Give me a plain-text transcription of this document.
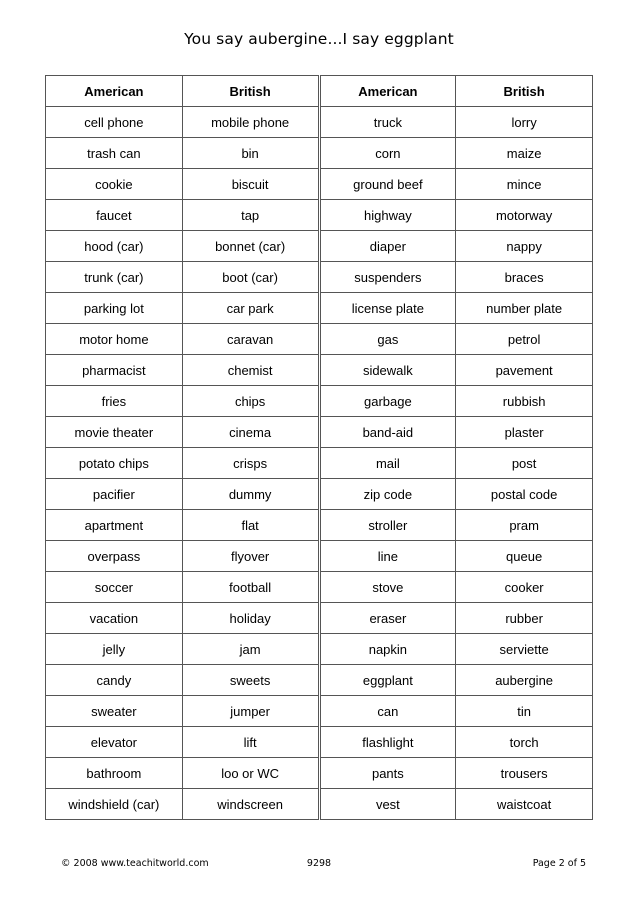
You say aubergine...I say eggplant
American	British	American	British
cell phone	mobile phone	truck	lorry
trash can	bin	corn	maize
cookie	biscuit	ground beef	mince
faucet	tap	highway	motorway
hood (car)	bonnet (car)	diaper	nappy
trunk (car)	boot (car)	suspenders	braces
parking lot	car park	license plate	number plate
motor home	caravan	gas	petrol
pharmacist	chemist	sidewalk	pavement
fries	chips	garbage	rubbish
movie theater	cinema	band-aid	plaster
potato chips	crisps	mail	post
pacifier	dummy	zip code	postal code
apartment	flat	stroller	pram
overpass	flyover	line	queue
soccer	football	stove	cooker
vacation	holiday	eraser	rubber
jelly	jam	napkin	serviette
candy	sweets	eggplant	aubergine
sweater	jumper	can	tin
elevator	lift	flashlight	torch
bathroom	loo or WC	pants	trousers
windshield (car)	windscreen	vest	waistcoat
© 2008 www.teachitworld.com	9298	Page 2 of 5
